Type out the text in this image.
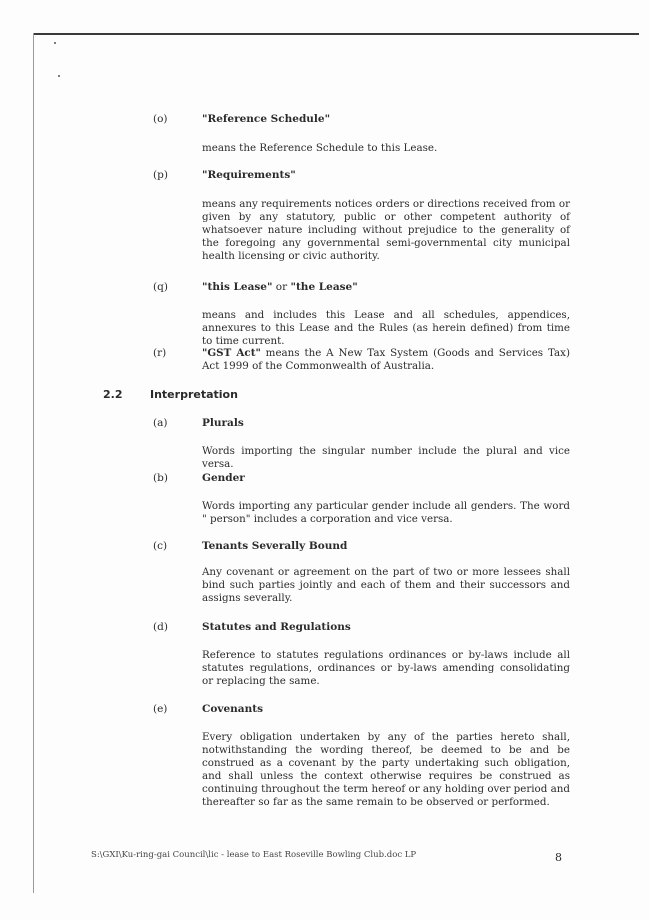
(o)	"Reference Schedule"
means the Reference Schedule to this Lease.
(p)	"Requirements"
means any requirements notices orders or directions received from or given by any statutory, public or other competent authority of whatsoever nature including without prejudice to the generality of the foregoing any governmental semi-governmental city municipal health licensing or civic authority.
(q)	"this Lease" or "the Lease"
means and includes this Lease and all schedules, appendices, annexures to this Lease and the Rules (as herein defined) from time to time current.
(r)	"GST Act" means the A New Tax System (Goods and Services Tax) Act 1999 of the Commonwealth of Australia.
2.2	Interpretation
(a)	Plurals
Words importing the singular number include the plural and vice versa.
(b)	Gender
Words importing any particular gender include all genders. The word " person" includes a corporation and vice versa.
(c)	Tenants Severally Bound
Any covenant or agreement on the part of two or more lessees shall bind such parties jointly and each of them and their successors and assigns severally.
(d)	Statutes and Regulations
Reference to statutes regulations ordinances or by-laws include all statutes regulations, ordinances or by-laws amending consolidating or replacing the same.
(e)	Covenants
Every obligation undertaken by any of the parties hereto shall, notwithstanding the wording thereof, be deemed to be and be construed as a covenant by the party undertaking such obligation, and shall unless the context otherwise requires be construed as continuing throughout the term hereof or any holding over period and thereafter so far as the same remain to be observed or performed.
S:\GXI\Ku-ring-gai Council\lic - lease to East Roseville Bowling Club.doc LP	8
